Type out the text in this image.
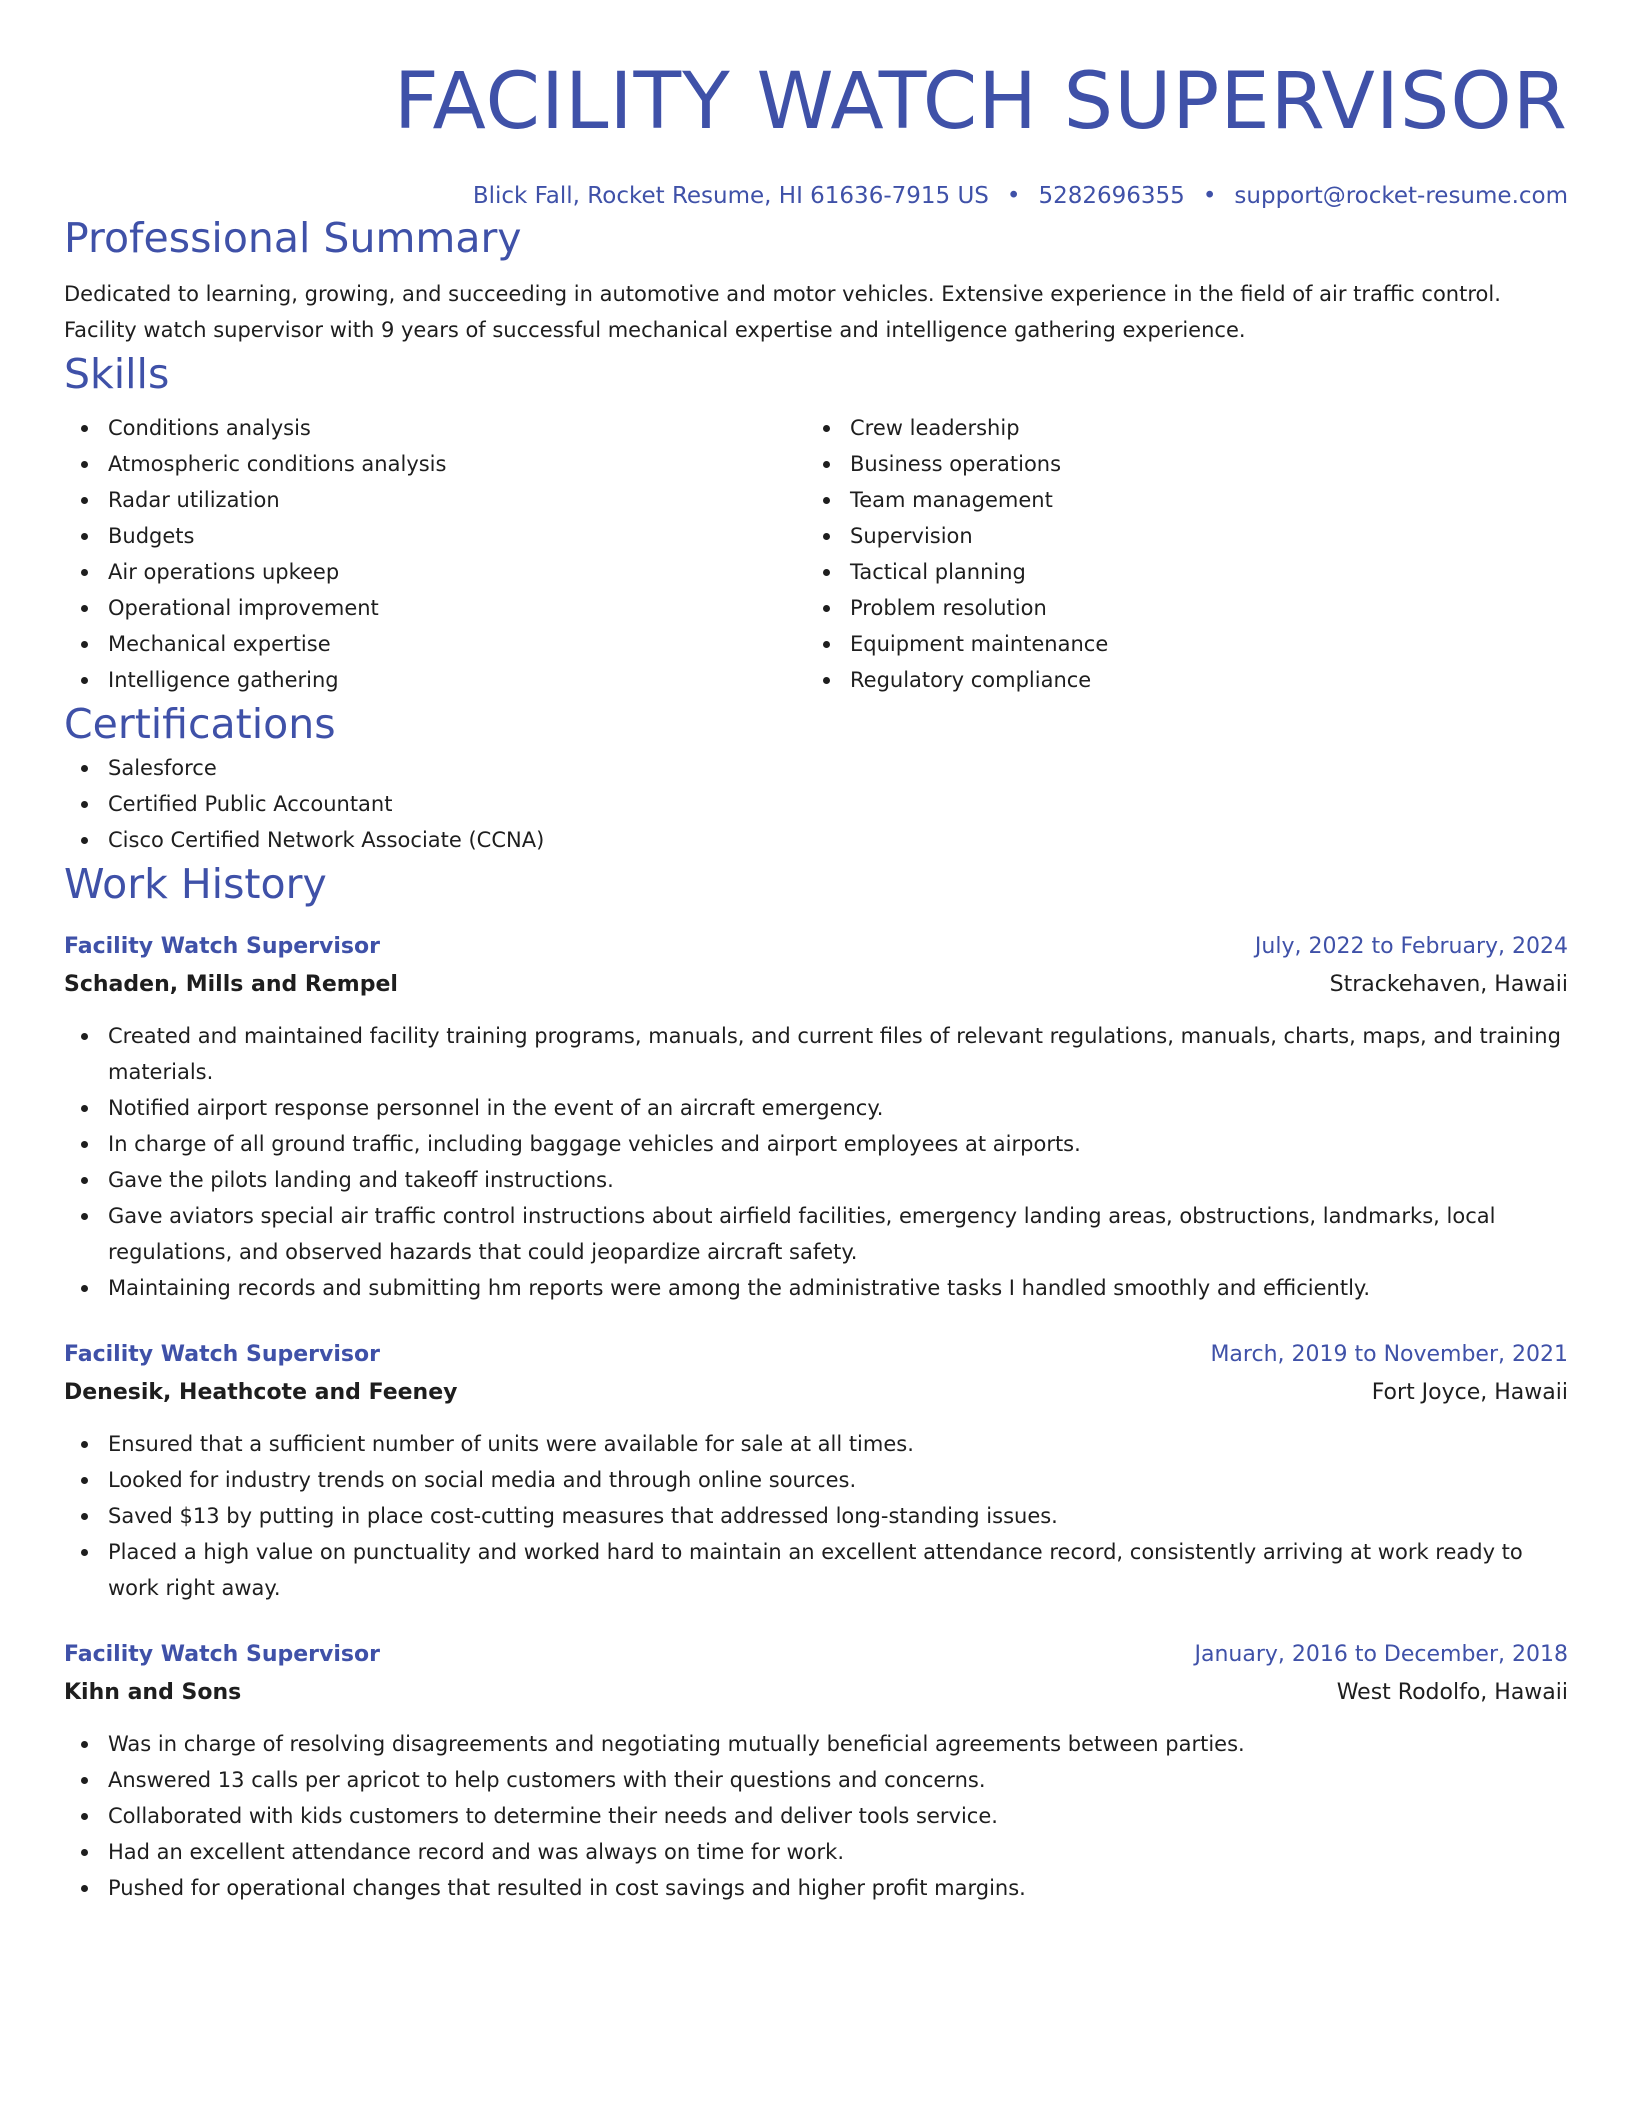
FACILITY WATCH SUPERVISOR
Blick Fall, Rocket Resume, HI 61636-7915 US • 5282696355 • support@rocket-resume.com
Professional Summary
Dedicated to learning, growing, and succeeding in automotive and motor vehicles. Extensive experience in the field of air traffic control. Facility watch supervisor with 9 years of successful mechanical expertise and intelligence gathering experience.
Skills
Conditions analysis
Atmospheric conditions analysis
Radar utilization
Budgets
Air operations upkeep
Operational improvement
Mechanical expertise
Intelligence gathering
Crew leadership
Business operations
Team management
Supervision
Tactical planning
Problem resolution
Equipment maintenance
Regulatory compliance
Certifications
Salesforce
Certified Public Accountant
Cisco Certified Network Associate (CCNA)
Work History
Facility Watch Supervisor	July, 2022 to February, 2024
Schaden, Mills and Rempel	Strackehaven, Hawaii
Created and maintained facility training programs, manuals, and current files of relevant regulations, manuals, charts, maps, and training materials.
Notified airport response personnel in the event of an aircraft emergency.
In charge of all ground traffic, including baggage vehicles and airport employees at airports.
Gave the pilots landing and takeoff instructions.
Gave aviators special air traffic control instructions about airfield facilities, emergency landing areas, obstructions, landmarks, local regulations, and observed hazards that could jeopardize aircraft safety.
Maintaining records and submitting hm reports were among the administrative tasks I handled smoothly and efficiently.
Facility Watch Supervisor	March, 2019 to November, 2021
Denesik, Heathcote and Feeney	Fort Joyce, Hawaii
Ensured that a sufficient number of units were available for sale at all times.
Looked for industry trends on social media and through online sources.
Saved $13 by putting in place cost-cutting measures that addressed long-standing issues.
Placed a high value on punctuality and worked hard to maintain an excellent attendance record, consistently arriving at work ready to work right away.
Facility Watch Supervisor	January, 2016 to December, 2018
Kihn and Sons	West Rodolfo, Hawaii
Was in charge of resolving disagreements and negotiating mutually beneficial agreements between parties.
Answered 13 calls per apricot to help customers with their questions and concerns.
Collaborated with kids customers to determine their needs and deliver tools service.
Had an excellent attendance record and was always on time for work.
Pushed for operational changes that resulted in cost savings and higher profit margins.
